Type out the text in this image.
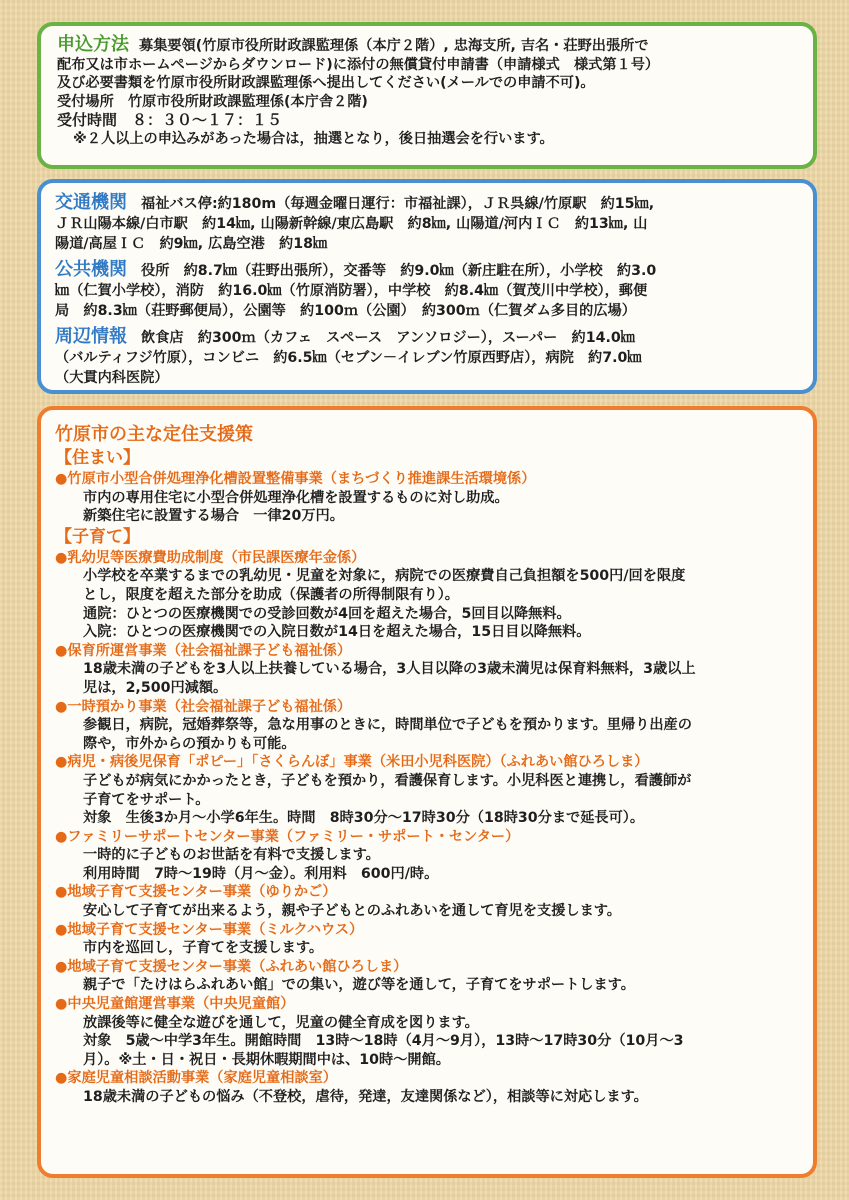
申込方法 募集要領(竹原市役所財政課監理係（本庁２階）, 忠海支所, 吉名・荘野出張所で

配布又は市ホームページからダウンロード)に添付の無償貸付申請書（申請様式　様式第１号）

及び必要書類を竹原市役所財政課監理係へ提出してください(メールでの申請不可)。

受付場所　竹原市役所財政課監理係(本庁舎２階)

受付時間　８：３０～１７：１５

※２人以上の申込みがあった場合は，抽選となり，後日抽選会を行います。

交通機関 福祉バス停:約180m（毎週金曜日運行：市福祉課），ＪＲ呉線/竹原駅　約15㎞,

ＪＲ山陽本線/白市駅　約14㎞, 山陽新幹線/東広島駅　約8㎞, 山陽道/河内ＩＣ　約13㎞, 山

陽道/高屋ＩＣ　約9㎞, 広島空港　約18㎞

公共機関 役所　約8.7㎞（荘野出張所），交番等　約9.0㎞（新庄駐在所），小学校　約3.0

㎞（仁賀小学校），消防　約16.0㎞（竹原消防署），中学校　約8.4㎞（賀茂川中学校），郵便

局　約8.3㎞（荘野郵便局），公園等　約100ｍ（公園）　約300ｍ（仁賀ダム多目的広場）

周辺情報 飲食店　約300ｍ（カフェ　スペース　アンソロジー），スーパー　約14.0㎞

（バルティフジ竹原），コンビニ　約6.5㎞（セブン－イレブン竹原西野店），病院　約7.0㎞

（大貫内科医院）

竹原市の主な定住支援策
【住まい】
●竹原市小型合併処理浄化槽設置整備事業（まちづくり推進課生活環境係）
市内の専用住宅に小型合併処理浄化槽を設置するものに対し助成。
新築住宅に設置する場合　一律20万円。
【子育て】
●乳幼児等医療費助成制度（市民課医療年金係）
小学校を卒業するまでの乳幼児・児童を対象に，病院での医療費自己負担額を500円/回を限度
とし，限度を超えた部分を助成（保護者の所得制限有り）。
通院：ひとつの医療機関での受診回数が4回を超えた場合，5回目以降無料。
入院：ひとつの医療機関での入院日数が14日を超えた場合，15日目以降無料。
●保育所運営事業（社会福祉課子ども福祉係）
18歳未満の子どもを3人以上扶養している場合，3人目以降の3歳未満児は保育料無料，3歳以上
児は，2,500円減額。
●一時預かり事業（社会福祉課子ども福祉係）
参観日，病院，冠婚葬祭等，急な用事のときに，時間単位で子どもを預かります。里帰り出産の
際や，市外からの預かりも可能。
●病児・病後児保育「ポピー」「さくらんぼ」事業（米田小児科医院）（ふれあい館ひろしま）
子どもが病気にかかったとき，子どもを預かり，看護保育します。小児科医と連携し，看護師が
子育てをサポート。
対象　生後3か月～小学6年生。時間　8時30分～17時30分（18時30分まで延長可）。
●ファミリーサポートセンター事業（ファミリー・サポート・センター）
一時的に子どものお世話を有料で支援します。
利用時間　7時～19時（月～金）。利用料　600円/時。
●地域子育て支援センター事業（ゆりかご）
安心して子育てが出来るよう，親や子どもとのふれあいを通して育児を支援します。
●地域子育て支援センター事業（ミルクハウス）
市内を巡回し，子育てを支援します。
●地域子育て支援センター事業（ふれあい館ひろしま）
親子で「たけはらふれあい館」での集い，遊び等を通して，子育てをサポートします。
●中央児童館運営事業（中央児童館）
放課後等に健全な遊びを通して，児童の健全育成を図ります。
対象　5歳～中学3年生。開館時間　13時～18時（4月～9月），13時～17時30分（10月～3
月）。※土・日・祝日・長期休暇期間中は、10時～開館。
●家庭児童相談活動事業（家庭児童相談室）
18歳未満の子どもの悩み（不登校，虐待，発達，友達関係など），相談等に対応します。
